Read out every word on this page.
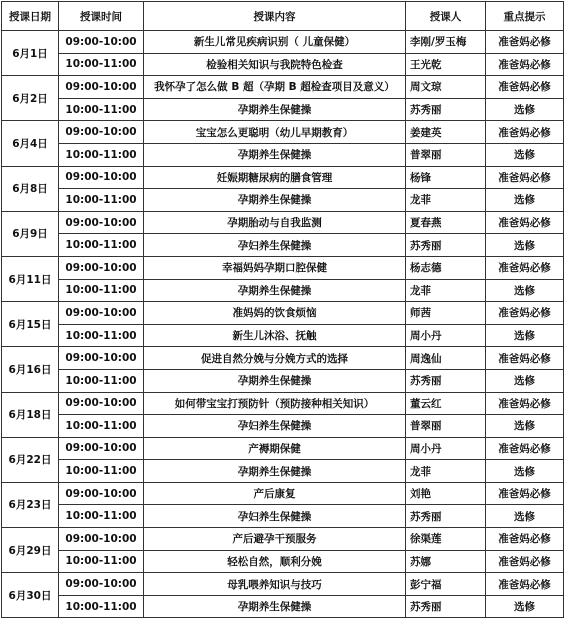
授课日期	授课时间	授课内容	授课人	重点提示
6月1日	09:00-10:00	新生儿常见疾病识别（ 儿童保健）	李刚/罗玉梅	准爸妈必修
	10:00-11:00	检验相关知识与我院特色检查	王光乾	准爸妈必修
6月2日	09:00-10:00	我怀孕了怎么做 B 超（孕期 B 超检查项目及意义）	周文琼	准爸妈必修
	10:00-11:00	孕期养生保健操	苏秀丽	选修
6月4日	09:00-10:00	宝宝怎么更聪明（幼儿早期教育）	姜建英	准爸妈必修
	10:00-11:00	孕期养生保健操	普翠丽	选修
6月8日	09:00-10:00	妊娠期糖尿病的膳食管理	杨锋	准爸妈必修
	10:00-11:00	孕期养生保健操	龙菲	选修
6月9日	09:00-10:00	孕期胎动与自我监测	夏春燕	准爸妈必修
	10:00-11:00	孕妇养生保健操	苏秀丽	选修
6月11日	09:00-10:00	幸福妈妈孕期口腔保健	杨志德	准爸妈必修
	10:00-11:00	孕期养生保健操	龙菲	选修
6月15日	09:00-10:00	准妈妈的饮食烦恼	师茜	准爸妈必修
	10:00-11:00	新生儿沐浴、抚触	周小丹	选修
6月16日	09:00-10:00	促进自然分娩与分娩方式的选择	周逸仙	准爸妈必修
	10:00-11:00	孕期养生保健操	苏秀丽	选修
6月18日	09:00-10:00	如何带宝宝打预防针（预防接种相关知识）	董云红	准爸妈必修
	10:00-11:00	孕妇养生保健操	普翠丽	选修
6月22日	09:00-10:00	产褥期保健	周小丹	准爸妈必修
	10:00-11:00	孕期养生保健操	龙菲	选修
6月23日	09:00-10:00	产后康复	刘艳	准爸妈必修
	10:00-11:00	孕妇养生保健操	苏秀丽	选修
6月29日	09:00-10:00	产后避孕干预服务	徐渠莲	准爸妈必修
	10:00-11:00	轻松自然，顺利分娩	苏娜	准爸妈必修
6月30日	09:00-10:00	母乳喂养知识与技巧	彭宁福	准爸妈必修
	10:00-11:00	孕期养生保健操	苏秀丽	选修
